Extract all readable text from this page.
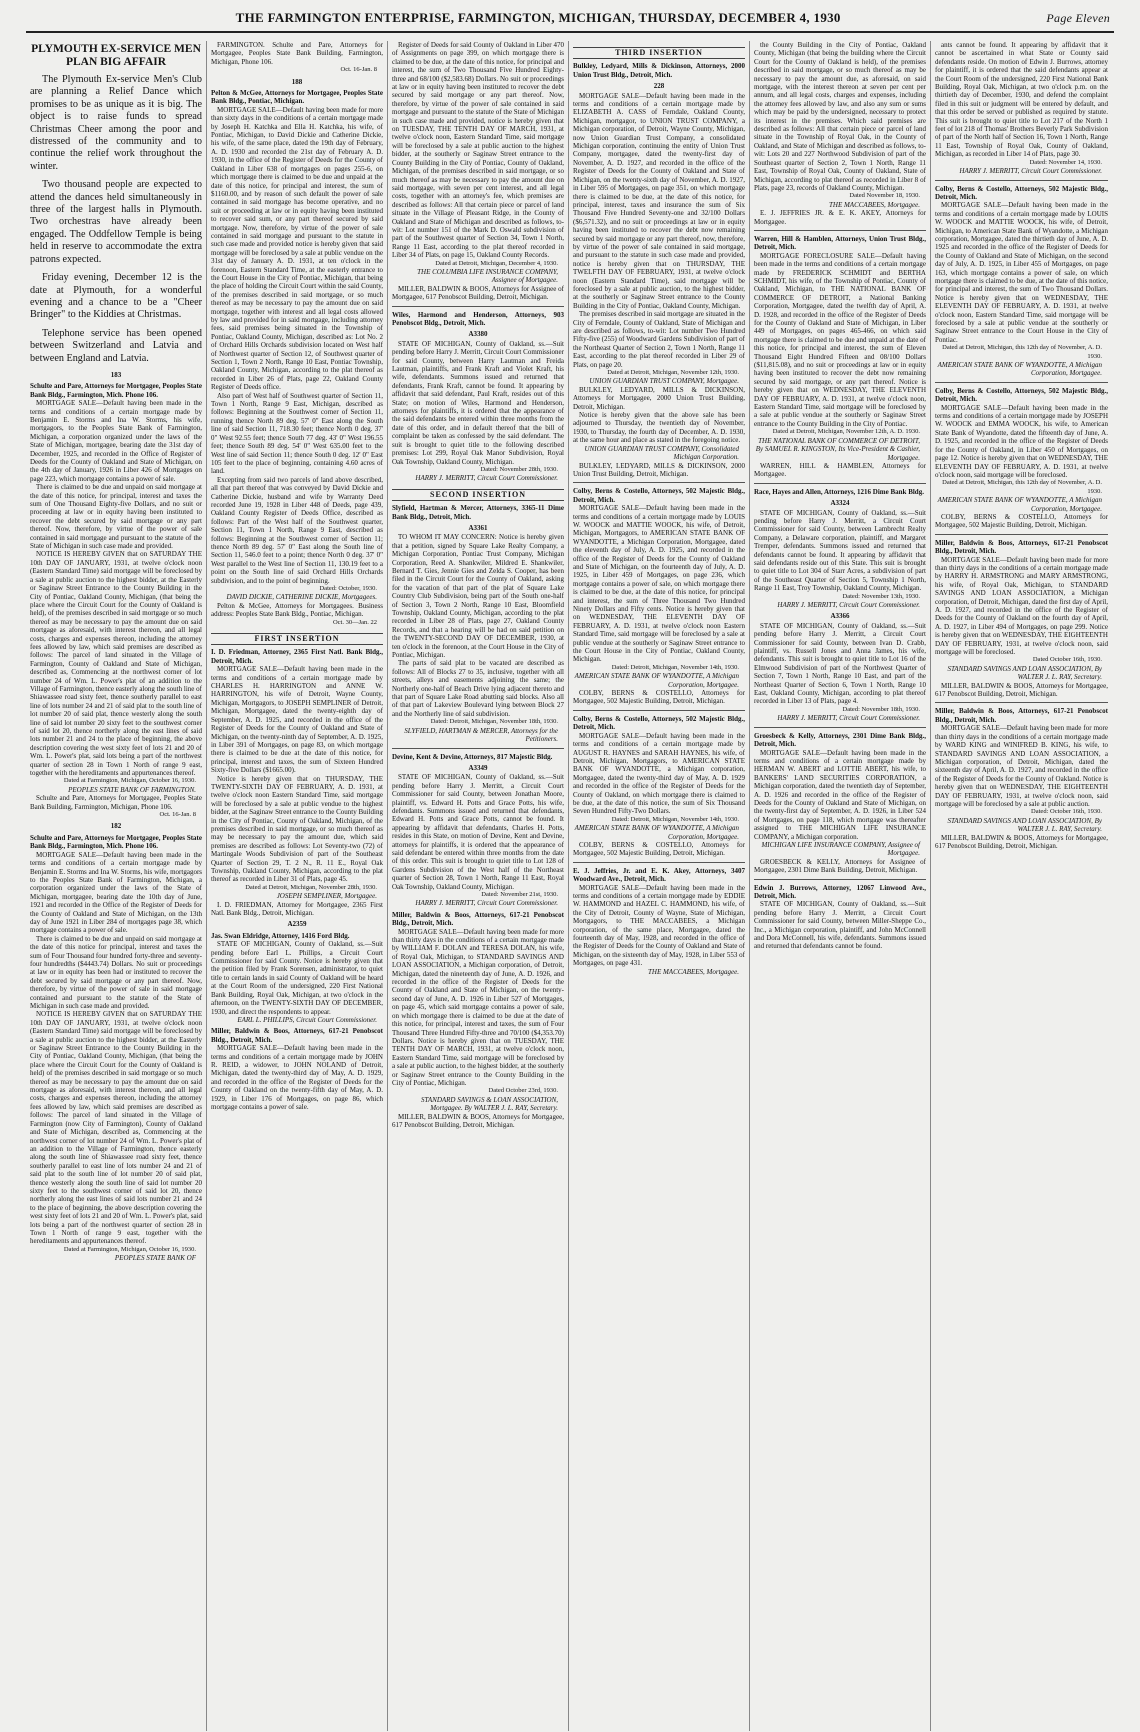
THE FARMINGTON ENTERPRISE, FARMINGTON, MICHIGAN, THURSDAY, DECEMBER 4, 1930	Page Eleven
PLYMOUTH EX-SERVICE MEN PLAN BIG AFFAIR
The Plymouth Ex-service Men's Club are planning a Relief Dance which promises to be as unique as it is big. The object is to raise funds to spread Christmas Cheer among the poor and distressed of the community and to continue the relief work throughout the winter.
Two thousand people are expected to attend the dances held simultaneously in three of the largest halls in Plymouth. Two orchestras have already been engaged. The Oddfellow Temple is being held in reserve to accommodate the extra patrons expected.
Friday evening, December 12 is the date at Plymouth, for a wonderful evening and a chance to be a "Cheer Bringer" to the Kiddies at Christmas.
Telephone service has been opened between Switzerland and Latvia and between England and Latvia.
183
Schulte and Pare, Attorneys for Mortgagee, Peoples State Bank Bldg., Farmington, Mich. Phone 106.
MORTGAGE SALE—Default having been made in the terms and conditions of a certain mortgage made by Benjamin E. Storms and Ina W. Storms, his wife, mortgagors, to the Peoples State Bank of Farmington, Michigan, a corporation organized under the laws of the State of Michigan, mortgagee, bearing date the 31st day of December, 1925, and recorded in the Office of Register of Deeds for the County of Oakland and State of Michigan, on the 4th day of January, 1926 in Liber 426 of Mortgages on page 223, which mortgage contains a power of sale.
There is claimed to be due and unpaid on said mortgage at the date of this notice, for principal, interest and taxes the sum of One Thousand Eighty-five Dollars, and no suit or proceeding at law or in equity having been instituted to recover the debt secured by said mortgage or any part thereof. Now, therefore, by virtue of the power of sale contained in said mortgage and pursuant to the statute of the State of Michigan in such case made and provided.
NOTICE IS HEREBY GIVEN that on SATURDAY THE 10th DAY OF JANUARY, 1931, at twelve o'clock noon (Eastern Standard Time) said mortgage will be foreclosed by a sale at public auction to the highest bidder, at the Easterly or Saginaw Street Entrance to the County Building in the City of Pontiac, Oakland County, Michigan, (that being the place where the Circuit Court for the County of Oakland is held), of the premises described in said mortgage or so much thereof as may be necessary to pay the amount due on said mortgage as aforesaid, with interest thereon, and all legal costs, charges and expenses thereon, including the attorney fees allowed by law, which said premises are described as follows: The parcel of land situated in the Village of Farmington, County of Oakland and State of Michigan, described as, Commencing at the northwest corner of lot number 24 of Wm. L. Power's plat of an addition to the Village of Farmington, thence easterly along the south line of Shiawassee road sixty feet, thence southerly parallel to east line of lots number 24 and 21 of said plat to the south line of lot number 20 of said plat, thence westerly along the south line of said lot number 20 sixty feet to the southwest corner of said lot 20, thence northerly along the east lines of said lots number 21 and 24 to the place of beginning, the above description covering the west sixty feet of lots 21 and 20 of Wm. L. Power's plat, said lots being a part of the northwest quarter of section 28 in Town 1 North of range 9 east, together with the hereditaments and appurtenances thereof.
Dated at Farmington, Michigan, October 16, 1930.
PEOPLES STATE BANK OF FARMINGTON.
Schulte and Pare, Attorneys for Mortgagee, Peoples State Bank Building, Farmington, Michigan, Phone 106.
Oct. 16-Jan. 8
182
Schulte and Pare, Attorneys for Mortgagee, Peoples State Bank Bldg., Farmington, Mich. Phone 106.
MORTGAGE SALE—Default having been made in the terms and conditions of a certain mortgage made by Benjamin E. Storms and Ina W. Storms, his wife, mortgagors to the Peoples State Bank of Farmington, Michigan, a corporation organized under the laws of the State of Michigan, mortgagee, bearing date the 10th day of June, 1921 and recorded in the Office of the Register of Deeds for the County of Oakland and State of Michigan, on the 13th day of June 1921 in Liber 284 of mortgages page 38, which mortgage contains a power of sale.
There is claimed to be due and unpaid on said mortgage at the date of this notice for principal, interest and taxes the sum of Four Thousand four hundred forty-three and seventy-four hundredths ($4443.74) Dollars. No suit or proceedings at law or in equity has been had or instituted to recover the debt secured by said mortgage or any part thereof. Now, therefore, by virtue of the power of sale in said mortgage contained and pursuant to the statute of the State of Michigan in such case made and provided.
NOTICE IS HEREBY GIVEN that on SATURDAY THE 10th DAY OF JANUARY, 1931, at twelve o'clock noon (Eastern Standard Time) said mortgage will be foreclosed by a sale at public auction to the highest bidder, at the Easterly or Saginaw Street Entrance to the County Building in the City of Pontiac, Oakland County, Michigan, (that being the place where the Circuit Court for the County of Oakland is held) of the premises described in said mortgage or so much thereof as may be necessary to pay the amount due on said mortgage as aforesaid, with interest thereon, and all legal costs, charges and expenses thereon, including the attorney fees allowed by law, which said premises are described as follows: The parcel of land situated in the Village of Farmington (now City of Farmington), County of Oakland and State of Michigan, described as, Commencing at the northwest corner of lot number 24 of Wm. L. Power's plat of an addition to the Village of Farmington, thence easterly along the south line of Shiawassee road sixty feet, thence southerly parallel to east line of lots number 24 and 21 of said plat to the south line of lot number 20 of said plat, thence westerly along the south line of said lot number 20 sixty feet to the southwest corner of said lot 20, thence northerly along the east lines of said lots number 21 and 24 to the place of beginning, the above description covering the west sixty feet of lots 21 and 20 of Wm. L. Power's plat, said lots being a part of the northwest quarter of section 28 in Town 1 North of range 9 east, together with the hereditaments and appurtenances thereof.
Dated at Farmington, Michigan, October 16, 1930.
PEOPLES STATE BANK OF
FARMINGTON. Schulte and Pare, Attorneys for Mortgagee, Peoples State Bank Building, Farmington, Michigan, Phone 106.
Oct. 16-Jan. 8
188
Pelton & McGee, Attorneys for Mortgagee, Peoples State Bank Bldg., Pontiac, Michigan.
MORTGAGE SALE—Default having been made for more than sixty days in the conditions of a certain mortgage made by Joseph H. Katchka and Ella H. Katchka, his wife, of Pontiac, Michigan, to David Dickie and Catherine Dickie, his wife, of the same place, dated the 19th day of February, A. D. 1930 and recorded the 21st day of February A. D. 1930, in the office of the Register of Deeds for the County of Oakland in Liber 638 of mortgages on pages 255-6, on which mortgage there is claimed to be due and unpaid at the date of this notice, for principal and interest, the sum of $1160.00, and by reason of such default the power of sale contained in said mortgage has become operative, and no suit or proceeding at law or in equity having been instituted to recover said sum, or any part thereof secured by said mortgage. Now, therefore, by virtue of the power of sale contained in said mortgage and pursuant to the statute in such case made and provided notice is hereby given that said mortgage will be foreclosed by a sale at public vendue on the 31st day of January A. D. 1931, at ten o'clock in the forenoon, Eastern Standard Time, at the easterly entrance to the Court House in the City of Pontiac, Michigan, that being the place of holding the Circuit Court within the said County, of the premises described in said mortgage, or so much thereof as may be necessary to pay the amount due on said mortgage, together with interest and all legal costs allowed by law and provided for in said mortgage, including attorney fees, said premises being situated in the Township of Pontiac, Oakland County, Michigan, described as: Lot No. 2 of Orchard Hills Orchards subdivision located on West half of Northwest quarter of Section 12, of Southwest quarter of Section 1, Town 2 North, Range 10 East, Pontiac Township, Oakland County, Michigan, according to the plat thereof as recorded in Liber 26 of Plats, page 22, Oakland County Register of Deeds office.
Also part of West half of Southwest quarter of Section 11, Town 1 North, Range 9 East, Michigan, described as follows: Beginning at the Southwest corner of Section 11, running thence North 89 deg. 57' 0" East along the South line of said Section 11, 718.30 feet; thence North 0 deg. 37' 0" West 92.55 feet; thence South 77 deg. 43' 0" West 196.55 feet; thence South 89 deg. 54' 0" West 635.00 feet to the West line of said Section 11; thence South 0 deg. 12' 0" East 105 feet to the place of beginning, containing 4.60 acres of land.
Excepting from said two parcels of land above described, all that part thereof that was conveyed by David Dickie and Catherine Dickie, husband and wife by Warranty Deed recorded June 19, 1928 in Liber 448 of Deeds, page 439, Oakland County Register of Deeds Office, described as follows: Part of the West half of the Southwest quarter, Section 11, Town 1 North, Range 9 East, described as follows: Beginning at the Southwest corner of Section 11; thence North 89 deg. 57' 0" East along the South line of Section 11, 546.0 feet to a point; thence North 0 deg. 37' 0" West parallel to the West line of Section 11, 130.19 feet to a point on the South line of said Orchard Hills Orchards subdivision, and to the point of beginning.
Dated: October, 1930.
DAVID DICKIE, CATHERINE DICKIE, Mortgagees.
Pelton & McGee, Attorneys for Mortgagees. Business address: Peoples State Bank Bldg., Pontiac, Michigan.
Oct. 30—Jan. 22
FIRST INSERTION
I. D. Friedman, Attorney, 2365 First Natl. Bank Bldg., Detroit, Mich.
MORTGAGE SALE—Default having been made in the terms and conditions of a certain mortgage made by CHARLES H. HARRINGTON and ANNE W. HARRINGTON, his wife of Detroit, Wayne County, Michigan, Mortgagors, to JOSEPH SEMPLINER of Detroit, Michigan, Mortgagee, dated the twenty-eighth day of September, A. D. 1925, and recorded in the office of the Register of Deeds for the County of Oakland and State of Michigan, on the twenty-ninth day of September, A. D. 1925, in Liber 391 of Mortgages, on page 83, on which mortgage there is claimed to be due at the date of this notice, for principal, interest and taxes, the sum of Sixteen Hundred Sixty-five Dollars ($1665.00).
Notice is hereby given that on THURSDAY, THE TWENTY-SIXTH DAY OF FEBRUARY, A. D. 1931, at twelve o'clock noon Eastern Standard Time, said mortgage will be foreclosed by a sale at public vendue to the highest bidder, at the Saginaw Street entrance to the County Building in the City of Pontiac, County of Oakland, Michigan, of the premises described in said mortgage, or so much thereof as may be necessary to pay the amount due, which said premises are described as follows: Lot Seventy-two (72) of Martingale Woods Subdivision of part of the Southeast Quarter of Section 29, T. 2 N., R. 11 E., Royal Oak Township, Oakland County, Michigan, according to the plat thereof as recorded in Liber 31 of Plats, page 45.
Dated at Detroit, Michigan, November 28th, 1930.
JOSEPH SEMPLINER, Mortgagee.
I. D. FRIEDMAN, Attorney for Mortgagee, 2365 First Natl. Bank Bldg., Detroit, Michigan.
A2359
Jas. Swan Eldridge, Attorney, 1416 Ford Bldg.
STATE OF MICHIGAN, County of Oakland, ss.—Suit pending before Earl L. Phillips, a Circuit Court Commissioner for said County. Notice is hereby given that the petition filed by Frank Sorensen, administrator, to quiet title to certain lands in said County of Oakland will be heard at the Court Room of the undersigned, 220 First National Bank Building, Royal Oak, Michigan, at two o'clock in the afternoon, on the TWENTY-SIXTH DAY OF DECEMBER, 1930, and direct the respondents to appear.
EARL L. PHILLIPS, Circuit Court Commissioner.
Miller, Baldwin & Boos, Attorneys, 617-21 Penobscot Bldg., Detroit, Mich.
MORTGAGE SALE—Default having been made in the terms and conditions of a certain mortgage made by JOHN R. REID, a widower, to JOHN NOLAND of Detroit, Michigan, dated the twenty-third day of May, A. D. 1929, and recorded in the office of the Register of Deeds for the County of Oakland on the twenty-fifth day of May, A. D. 1929, in Liber 176 of Mortgages, on page 86, which mortgage contains a power of sale.
Register of Deeds for said County of Oakland in Liber 470 of Assignments on page 399, on which mortgage there is claimed to be due, at the date of this notice, for principal and interest, the sum of Two Thousand Five Hundred Eighty-three and 68/100 ($2,583.68) Dollars. No suit or proceedings at law or in equity having been instituted to recover the debt secured by said mortgage or any part thereof. Now, therefore, by virtue of the power of sale contained in said mortgage and pursuant to the statute of the State of Michigan in such case made and provided, notice is hereby given that on TUESDAY, THE TENTH DAY OF MARCH, 1931, at twelve o'clock noon, Eastern Standard Time, said mortgage will be foreclosed by a sale at public auction to the highest bidder, at the southerly or Saginaw Street entrance to the County Building in the City of Pontiac, County of Oakland, Michigan, of the premises described in said mortgage, or so much thereof as may be necessary to pay the amount due on said mortgage, with seven per cent interest, and all legal costs, together with an attorney's fee, which premises are described as follows: All that certain piece or parcel of land situate in the Village of Pleasant Ridge, in the County of Oakland and State of Michigan and described as follows, to-wit: Lot number 151 of the Mark D. Oswald subdivision of part of the Southwest quarter of Section 34, Town 1 North, Range 11 East, according to the plat thereof recorded in Liber 34 of Plats, on page 15, Oakland County Records.
Dated at Detroit, Michigan, December 4, 1930.
THE COLUMBIA LIFE INSURANCE COMPANY, Assignee of Mortgagee.
MILLER, BALDWIN & BOOS, Attorneys for Assignee of Mortgagee, 617 Penobscot Building, Detroit, Michigan.
Wiles, Harmond and Henderson, Attorneys, 903 Penobscot Bldg., Detroit, Mich.
A3380
STATE OF MICHIGAN, County of Oakland, ss.—Suit pending before Harry J. Merritt, Circuit Court Commissioner for said County, between Harry Lautman and Freida Lautman, plaintiffs, and Frank Kraft and Violet Kraft, his wife, defendants. Summons issued and returned that defendants, Frank Kraft, cannot be found. It appearing by affidavit that said defendant, Paul Kraft, resides out of this State; on motion of Wiles, Harmond and Henderson, attorneys for plaintiffs, it is ordered that the appearance of the said defendants be entered within three months from the date of this order, and in default thereof that the bill of complaint be taken as confessed by the said defendant. The suit is brought to quiet title to the following described premises: Lot 299, Royal Oak Manor Subdivision, Royal Oak Township, Oakland County, Michigan.
Dated: November 28th, 1930.
HARRY J. MERRITT, Circuit Court Commissioner.
SECOND INSERTION
Slyfield, Hartman & Mercer, Attorneys, 3365-11 Dime Bank Bldg., Detroit, Mich.
A3361
TO WHOM IT MAY CONCERN: Notice is hereby given that a petition, signed by Square Lake Realty Company, a Michigan Corporation, Pontiac Trust Company, Michigan Corporation, Reed A. Shankwiler, Mildred E. Shankwiler, Bernard T. Gies, Jennie Gies and Zelda S. Cooper, has been filed in the Circuit Court for the County of Oakland, asking for the vacation of that part of the plat of Square Lake Country Club Subdivision, being part of the South one-half of Section 3, Town 2 North, Range 10 East, Bloomfield Township, Oakland County, Michigan, according to the plat recorded in Liber 28 of Plats, page 27, Oakland County Records, and that a hearing will be had on said petition on the TWENTY-SECOND DAY OF DECEMBER, 1930, at ten o'clock in the forenoon, at the Court House in the City of Pontiac, Michigan.
The parts of said plat to be vacated are described as follows: All of Blocks 27 to 35, inclusive, together with all streets, alleys and easements adjoining the same; the Northerly one-half of Beach Drive lying adjacent thereto and that part of Square Lake Road abutting said blocks. Also all of that part of Lakeview Boulevard lying between Block 27 and the Northerly line of said subdivision.
Dated: Detroit, Michigan, November 18th, 1930.
SLYFIELD, HARTMAN & MERCER, Attorneys for the Petitioners.
Devine, Kent & Devine, Attorneys, 817 Majestic Bldg.
A3349
STATE OF MICHIGAN, County of Oakland, ss.—Suit pending before Harry J. Merritt, a Circuit Court Commissioner for said County, between Jonathan Moore, plaintiff, vs. Edward H. Potts and Grace Potts, his wife, defendants. Summons issued and returned that defendants, Edward H. Potts and Grace Potts, cannot be found. It appearing by affidavit that defendants, Charles H. Potts, resides in this State, on motion of Devine, Kent and Devine, attorneys for plaintiffs, it is ordered that the appearance of said defendant be entered within three months from the date of this order. This suit is brought to quiet title to Lot 128 of Gardens Subdivision of the West half of the Northeast quarter of Section 28, Town 1 North, Range 11 East, Royal Oak Township, Oakland County, Michigan.
Dated: November 21st, 1930.
HARRY J. MERRITT, Circuit Court Commissioner.
Miller, Baldwin & Boos, Attorneys, 617-21 Penobscot Bldg., Detroit, Mich.
MORTGAGE SALE—Default having been made for more than thirty days in the conditions of a certain mortgage made by WILLIAM F. DOLAN and TERESA DOLAN, his wife, of Royal Oak, Michigan, to STANDARD SAVINGS AND LOAN ASSOCIATION, a Michigan corporation, of Detroit, Michigan, dated the nineteenth day of June, A. D. 1926, and recorded in the office of the Register of Deeds for the County of Oakland and State of Michigan, on the twenty-second day of June, A. D. 1926 in Liber 527 of Mortgages, on page 45, which said mortgage contains a power of sale, on which mortgage there is claimed to be due at the date of this notice, for principal, interest and taxes, the sum of Four Thousand Three Hundred Fifty-three and 70/100 ($4,353.70) Dollars. Notice is hereby given that on TUESDAY, THE TENTH DAY OF MARCH, 1931, at twelve o'clock noon, Eastern Standard Time, said mortgage will be foreclosed by a sale at public auction, to the highest bidder, at the southerly or Saginaw Street entrance to the County Building in the City of Pontiac, Michigan.
Dated October 23rd, 1930.
STANDARD SAVINGS & LOAN ASSOCIATION, Mortgagee. By WALTER J. L. RAY, Secretary.
MILLER, BALDWIN & BOOS, Attorneys for Mortgagee, 617 Penobscot Building, Detroit, Michigan.
THIRD INSERTION
Bulkley, Ledyard, Mills & Dickinson, Attorneys, 2000 Union Trust Bldg., Detroit, Mich.
228
MORTGAGE SALE—Default having been made in the terms and conditions of a certain mortgage made by ELIZABETH A. CASS of Ferndale, Oakland County, Michigan, mortgagor, to UNION TRUST COMPANY, a Michigan corporation, of Detroit, Wayne County, Michigan, now Union Guardian Trust Company, a consolidated Michigan corporation, continuing the entity of Union Trust Company, mortgagee, dated the twenty-first day of November, A. D. 1927, and recorded in the office of the Register of Deeds for the County of Oakland and State of Michigan, on the twenty-sixth day of November, A. D. 1927, in Liber 595 of Mortgages, on page 351, on which mortgage there is claimed to be due, at the date of this notice, for principal, interest, taxes and insurance the sum of Six Thousand Five Hundred Seventy-one and 32/100 Dollars ($6,571.32), and no suit or proceedings at law or in equity having been instituted to recover the debt now remaining secured by said mortgage or any part thereof, now, therefore, by virtue of the power of sale contained in said mortgage, and pursuant to the statute in such case made and provided, notice is hereby given that on THURSDAY, THE TWELFTH DAY OF FEBRUARY, 1931, at twelve o'clock noon (Eastern Standard Time), said mortgage will be foreclosed by a sale at public auction, to the highest bidder, at the southerly or Saginaw Street entrance to the County Building in the City of Pontiac, Oakland County, Michigan.
The premises described in said mortgage are situated in the City of Ferndale, County of Oakland, State of Michigan and are described as follows, to-wit: Lot number Two Hundred Fifty-five (255) of Woodward Gardens Subdivision of part of the Northeast Quarter of Section 2, Town 1 North, Range 11 East, according to the plat thereof recorded in Liber 29 of Plats, on page 20.
Dated at Detroit, Michigan, November 12th, 1930.
UNION GUARDIAN TRUST COMPANY, Mortgagee.
BULKLEY, LEDYARD, MILLS & DICKINSON, Attorneys for Mortgagee, 2000 Union Trust Building, Detroit, Michigan.
Notice is hereby given that the above sale has been adjourned to Thursday, the twentieth day of November, 1930, to Thursday, the fourth day of December, A. D. 1930, at the same hour and place as stated in the foregoing notice.
UNION GUARDIAN TRUST COMPANY, Consolidated Michigan Corporation.
BULKLEY, LEDYARD, MILLS & DICKINSON, 2000 Union Trust Building, Detroit, Michigan.
Colby, Berns & Costello, Attorneys, 502 Majestic Bldg., Detroit, Mich.
MORTGAGE SALE—Default having been made in the terms and conditions of a certain mortgage made by LOUIS W. WOOCK and MATTIE WOOCK, his wife, of Detroit, Michigan, Mortgagors, to AMERICAN STATE BANK OF WYANDOTTE, a Michigan Corporation, Mortgagee, dated the eleventh day of July, A. D. 1925, and recorded in the office of the Register of Deeds for the County of Oakland and State of Michigan, on the fourteenth day of July, A. D. 1925, in Liber 459 of Mortgages, on page 236, which mortgage contains a power of sale, on which mortgage there is claimed to be due, at the date of this notice, for principal and interest, the sum of Three Thousand Two Hundred Ninety Dollars and Fifty cents. Notice is hereby given that on WEDNESDAY, THE ELEVENTH DAY OF FEBRUARY, A. D. 1931, at twelve o'clock noon Eastern Standard Time, said mortgage will be foreclosed by a sale at public vendue at the southerly or Saginaw Street entrance to the Court House in the City of Pontiac, Oakland County, Michigan.
Dated: Detroit, Michigan, November 14th, 1930.
AMERICAN STATE BANK OF WYANDOTTE, A Michigan Corporation, Mortgagee.
COLBY, BERNS & COSTELLO, Attorneys for Mortgagee, 502 Majestic Building, Detroit, Michigan.
Colby, Berns & Costello, Attorneys, 502 Majestic Bldg., Detroit, Mich.
MORTGAGE SALE—Default having been made in the terms and conditions of a certain mortgage made by AUGUST R. HAYNES and SARAH HAYNES, his wife, of Detroit, Michigan, Mortgagors, to AMERICAN STATE BANK OF WYANDOTTE, a Michigan corporation, Mortgagee, dated the twenty-third day of May, A. D. 1929 and recorded in the office of the Register of Deeds for the County of Oakland, on which mortgage there is claimed to be due, at the date of this notice, the sum of Six Thousand Seven Hundred Fifty-Two Dollars.
Dated: Detroit, Michigan, November 14th, 1930.
AMERICAN STATE BANK OF WYANDOTTE, A Michigan Corporation, Mortgagee.
COLBY, BERNS & COSTELLO, Attorneys for Mortgagee, 502 Majestic Building, Detroit, Michigan.
E. J. Jeffries, Jr. and E. K. Akey, Attorneys, 3407 Woodward Ave., Detroit, Mich.
MORTGAGE SALE—Default having been made in the terms and conditions of a certain mortgage made by EDDIE W. HAMMOND and HAZEL C. HAMMOND, his wife, of the City of Detroit, County of Wayne, State of Michigan, Mortgagors, to THE MACCABEES, a Michigan corporation, of the same place, Mortgagee, dated the fourteenth day of May, 1928, and recorded in the office of the Register of Deeds for the County of Oakland and State of Michigan, on the sixteenth day of May, 1928, in Liber 553 of Mortgages, on page 431.
THE MACCABEES, Mortgagee.
the County Building in the City of Pontiac, Oakland County, Michigan (that being the building where the Circuit Court for the County of Oakland is held), of the premises described in said mortgage, or so much thereof as may be necessary to pay the amount due, as aforesaid, on said mortgage, with the interest thereon at seven per cent per annum, and all legal costs, charges and expenses, including the attorney fees allowed by law, and also any sum or sums which may be paid by the undersigned, necessary to protect its interest in the premises. Which said premises are described as follows: All that certain piece or parcel of land situate in the Township of Royal Oak, in the County of Oakland, and State of Michigan and described as follows, to-wit: Lots 20 and 227 Northwood Subdivision of part of the Southeast quarter of Section 2, Town 1 North, Range 11 East, Township of Royal Oak, County of Oakland, State of Michigan, according to plat thereof as recorded in Liber 8 of Plats, page 23, records of Oakland County, Michigan.
Dated November 18, 1930.
THE MACCABEES, Mortgagee.
E. J. JEFFRIES JR. & E. K. AKEY, Attorneys for Mortgagee.
Warren, Hill & Hamblen, Attorneys, Union Trust Bldg., Detroit, Mich.
MORTGAGE FORECLOSURE SALE—Default having been made in the terms and conditions of a certain mortgage made by FREDERICK SCHMIDT and BERTHA SCHMIDT, his wife, of the Township of Pontiac, County of Oakland, Michigan, to THE NATIONAL BANK OF COMMERCE OF DETROIT, a National Banking Corporation, Mortgagee, dated the twelfth day of April, A. D. 1928, and recorded in the office of the Register of Deeds for the County of Oakland and State of Michigan, in Liber 449 of Mortgages, on pages 465-466, on which said mortgage there is claimed to be due and unpaid at the date of this notice, for principal and interest, the sum of Eleven Thousand Eight Hundred Fifteen and 08/100 Dollars ($11,815.08), and no suit or proceedings at law or in equity having been instituted to recover the debt now remaining secured by said mortgage, or any part thereof. Notice is hereby given that on WEDNESDAY, THE ELEVENTH DAY OF FEBRUARY, A. D. 1931, at twelve o'clock noon, Eastern Standard Time, said mortgage will be foreclosed by a sale at public vendue at the southerly or Saginaw Street entrance to the County Building in the City of Pontiac.
Dated at Detroit, Michigan, November 12th, A. D. 1930.
THE NATIONAL BANK OF COMMERCE OF DETROIT, By SAMUEL R. KINGSTON, Its Vice-President & Cashier, Mortgagee.
WARREN, HILL & HAMBLEN, Attorneys for Mortgagee.
Race, Hayes and Allen, Attorneys, 1216 Dime Bank Bldg.
A3324
STATE OF MICHIGAN, County of Oakland, ss.—Suit pending before Harry J. Merritt, a Circuit Court Commissioner for said County, between Lambrecht Realty Company, a Delaware corporation, plaintiff, and Margaret Tremper, defendants. Summons issued and returned that defendants cannot be found. It appearing by affidavit that said defendants reside out of this State. This suit is brought to quiet title to Lot 304 of Starr Acres, a subdivision of part of the Southeast Quarter of Section 5, Township 1 North, Range 11 East, Troy Township, Oakland County, Michigan.
Dated: November 13th, 1930.
HARRY J. MERRITT, Circuit Court Commissioner.
A3366
STATE OF MICHIGAN, County of Oakland, ss.—Suit pending before Harry J. Merritt, a Circuit Court Commissioner for said County, between Ivan D. Crabb, plaintiff, vs. Russell Jones and Anna James, his wife, defendants. This suit is brought to quiet title to Lot 16 of the Elmwood Subdivision of part of the Northwest Quarter of Section 7, Town 1 North, Range 10 East, and part of the Northeast Quarter of Section 6, Town 1 North, Range 10 East, Oakland County, Michigan, according to plat thereof recorded in Liber 13 of Plats, page 4.
Dated: November 18th, 1930.
HARRY J. MERRITT, Circuit Court Commissioner.
Groesbeck & Kelly, Attorneys, 2301 Dime Bank Bldg., Detroit, Mich.
MORTGAGE SALE—Default having been made in the terms and conditions of a certain mortgage made by HERMAN W. ABERT and LOTTIE ABERT, his wife, to BANKERS' LAND SECURITIES CORPORATION, a Michigan corporation, dated the twentieth day of September, A. D. 1926 and recorded in the office of the Register of Deeds for the County of Oakland and State of Michigan, on the twenty-first day of September, A. D. 1926, in Liber 524 of Mortgages, on page 118, which mortgage was thereafter assigned to THE MICHIGAN LIFE INSURANCE COMPANY, a Michigan corporation.
MICHIGAN LIFE INSURANCE COMPANY, Assignee of Mortgagee.
GROESBECK & KELLY, Attorneys for Assignee of Mortgagee, 2301 Dime Bank Building, Detroit, Michigan.
Edwin J. Burrows, Attorney, 12067 Linwood Ave., Detroit, Mich.
STATE OF MICHIGAN, County of Oakland, ss.—Suit pending before Harry J. Merritt, a Circuit Court Commissioner for said County, between Miller-Sheppe Co., Inc., a Michigan corporation, plaintiff, and John McConnell and Dora McConnell, his wife, defendants. Summons issued and returned that defendants cannot be found.
ants cannot be found. It appearing by affidavit that it cannot be ascertained in what State or County said defendants reside. On motion of Edwin J. Burrows, attorney for plaintiff, it is ordered that the said defendants appear at the Court Room of the undersigned, 220 First National Bank Building, Royal Oak, Michigan, at two o'clock p.m. on the thirtieth day of December, 1930, and defend the complaint filed in this suit or judgment will be entered by default, and that this order be served or published as required by statute. This suit is brought to quiet title to Lot 217 of the North 1 feet of lot 218 of Thomas' Brothers Beverly Park Subdivision of part of the North half of Section 16, Town 1 North, Range 11 East, Township of Royal Oak, County of Oakland, Michigan, as recorded in Liber 14 of Plats, page 30.
Dated: November 14, 1930.
HARRY J. MERRITT, Circuit Court Commissioner.
Colby, Berns & Costello, Attorneys, 502 Majestic Bldg., Detroit, Mich.
MORTGAGE SALE—Default having been made in the terms and conditions of a certain mortgage made by LOUIS W. WOOCK and MATTIE WOOCK, his wife, of Detroit, Michigan, to American State Bank of Wyandotte, a Michigan corporation, Mortgagee, dated the thirtieth day of June, A. D. 1925 and recorded in the office of the Register of Deeds for the County of Oakland and State of Michigan, on the second day of July, A. D. 1925, in Liber 455 of Mortgages, on page 163, which mortgage contains a power of sale, on which mortgage there is claimed to be due, at the date of this notice, for principal and interest, the sum of Two Thousand Dollars. Notice is hereby given that on WEDNESDAY, THE ELEVENTH DAY OF FEBRUARY, A. D. 1931, at twelve o'clock noon, Eastern Standard Time, said mortgage will be foreclosed by a sale at public vendue at the southerly or Saginaw Street entrance to the Court House in the City of Pontiac.
Dated at Detroit, Michigan, this 12th day of November, A. D. 1930.
AMERICAN STATE BANK OF WYANDOTTE, A Michigan Corporation, Mortgagee.
Colby, Berns & Costello, Attorneys, 502 Majestic Bldg., Detroit, Mich.
MORTGAGE SALE—Default having been made in the terms and conditions of a certain mortgage made by JOSEPH W. WOOCK and EMMA WOOCK, his wife, to American State Bank of Wyandotte, dated the fifteenth day of June, A. D. 1925, and recorded in the office of the Register of Deeds for the County of Oakland, in Liber 450 of Mortgages, on page 12. Notice is hereby given that on WEDNESDAY, THE ELEVENTH DAY OF FEBRUARY, A. D. 1931, at twelve o'clock noon, said mortgage will be foreclosed.
Dated at Detroit, Michigan, this 12th day of November, A. D. 1930.
AMERICAN STATE BANK OF WYANDOTTE, A Michigan Corporation, Mortgagee.
COLBY, BERNS & COSTELLO, Attorneys for Mortgagee, 502 Majestic Building, Detroit, Michigan.
Miller, Baldwin & Boos, Attorneys, 617-21 Penobscot Bldg., Detroit, Mich.
MORTGAGE SALE—Default having been made for more than thirty days in the conditions of a certain mortgage made by HARRY H. ARMSTRONG and MARY ARMSTRONG, his wife, of Royal Oak, Michigan, to STANDARD SAVINGS AND LOAN ASSOCIATION, a Michigan corporation, of Detroit, Michigan, dated the first day of April, A. D. 1927, and recorded in the office of the Register of Deeds for the County of Oakland on the fourth day of April, A. D. 1927, in Liber 494 of Mortgages, on page 299. Notice is hereby given that on WEDNESDAY, THE EIGHTEENTH DAY OF FEBRUARY, 1931, at twelve o'clock noon, said mortgage will be foreclosed.
Dated October 16th, 1930.
STANDARD SAVINGS AND LOAN ASSOCIATION, By WALTER J. L. RAY, Secretary.
MILLER, BALDWIN & BOOS, Attorneys for Mortgagee, 617 Penobscot Building, Detroit, Michigan.
Miller, Baldwin & Boos, Attorneys, 617-21 Penobscot Bldg., Detroit, Mich.
MORTGAGE SALE—Default having been made for more than thirty days in the conditions of a certain mortgage made by WARD KING and WINIFRED B. KING, his wife, to STANDARD SAVINGS AND LOAN ASSOCIATION, a Michigan corporation, of Detroit, Michigan, dated the sixteenth day of April, A. D. 1927, and recorded in the office of the Register of Deeds for the County of Oakland. Notice is hereby given that on WEDNESDAY, THE EIGHTEENTH DAY OF FEBRUARY, 1931, at twelve o'clock noon, said mortgage will be foreclosed by a sale at public auction.
Dated: October 16th, 1930.
STANDARD SAVINGS AND LOAN ASSOCIATION, By WALTER J. L. RAY, Secretary.
MILLER, BALDWIN & BOOS, Attorneys for Mortgagee, 617 Penobscot Building, Detroit, Michigan.
